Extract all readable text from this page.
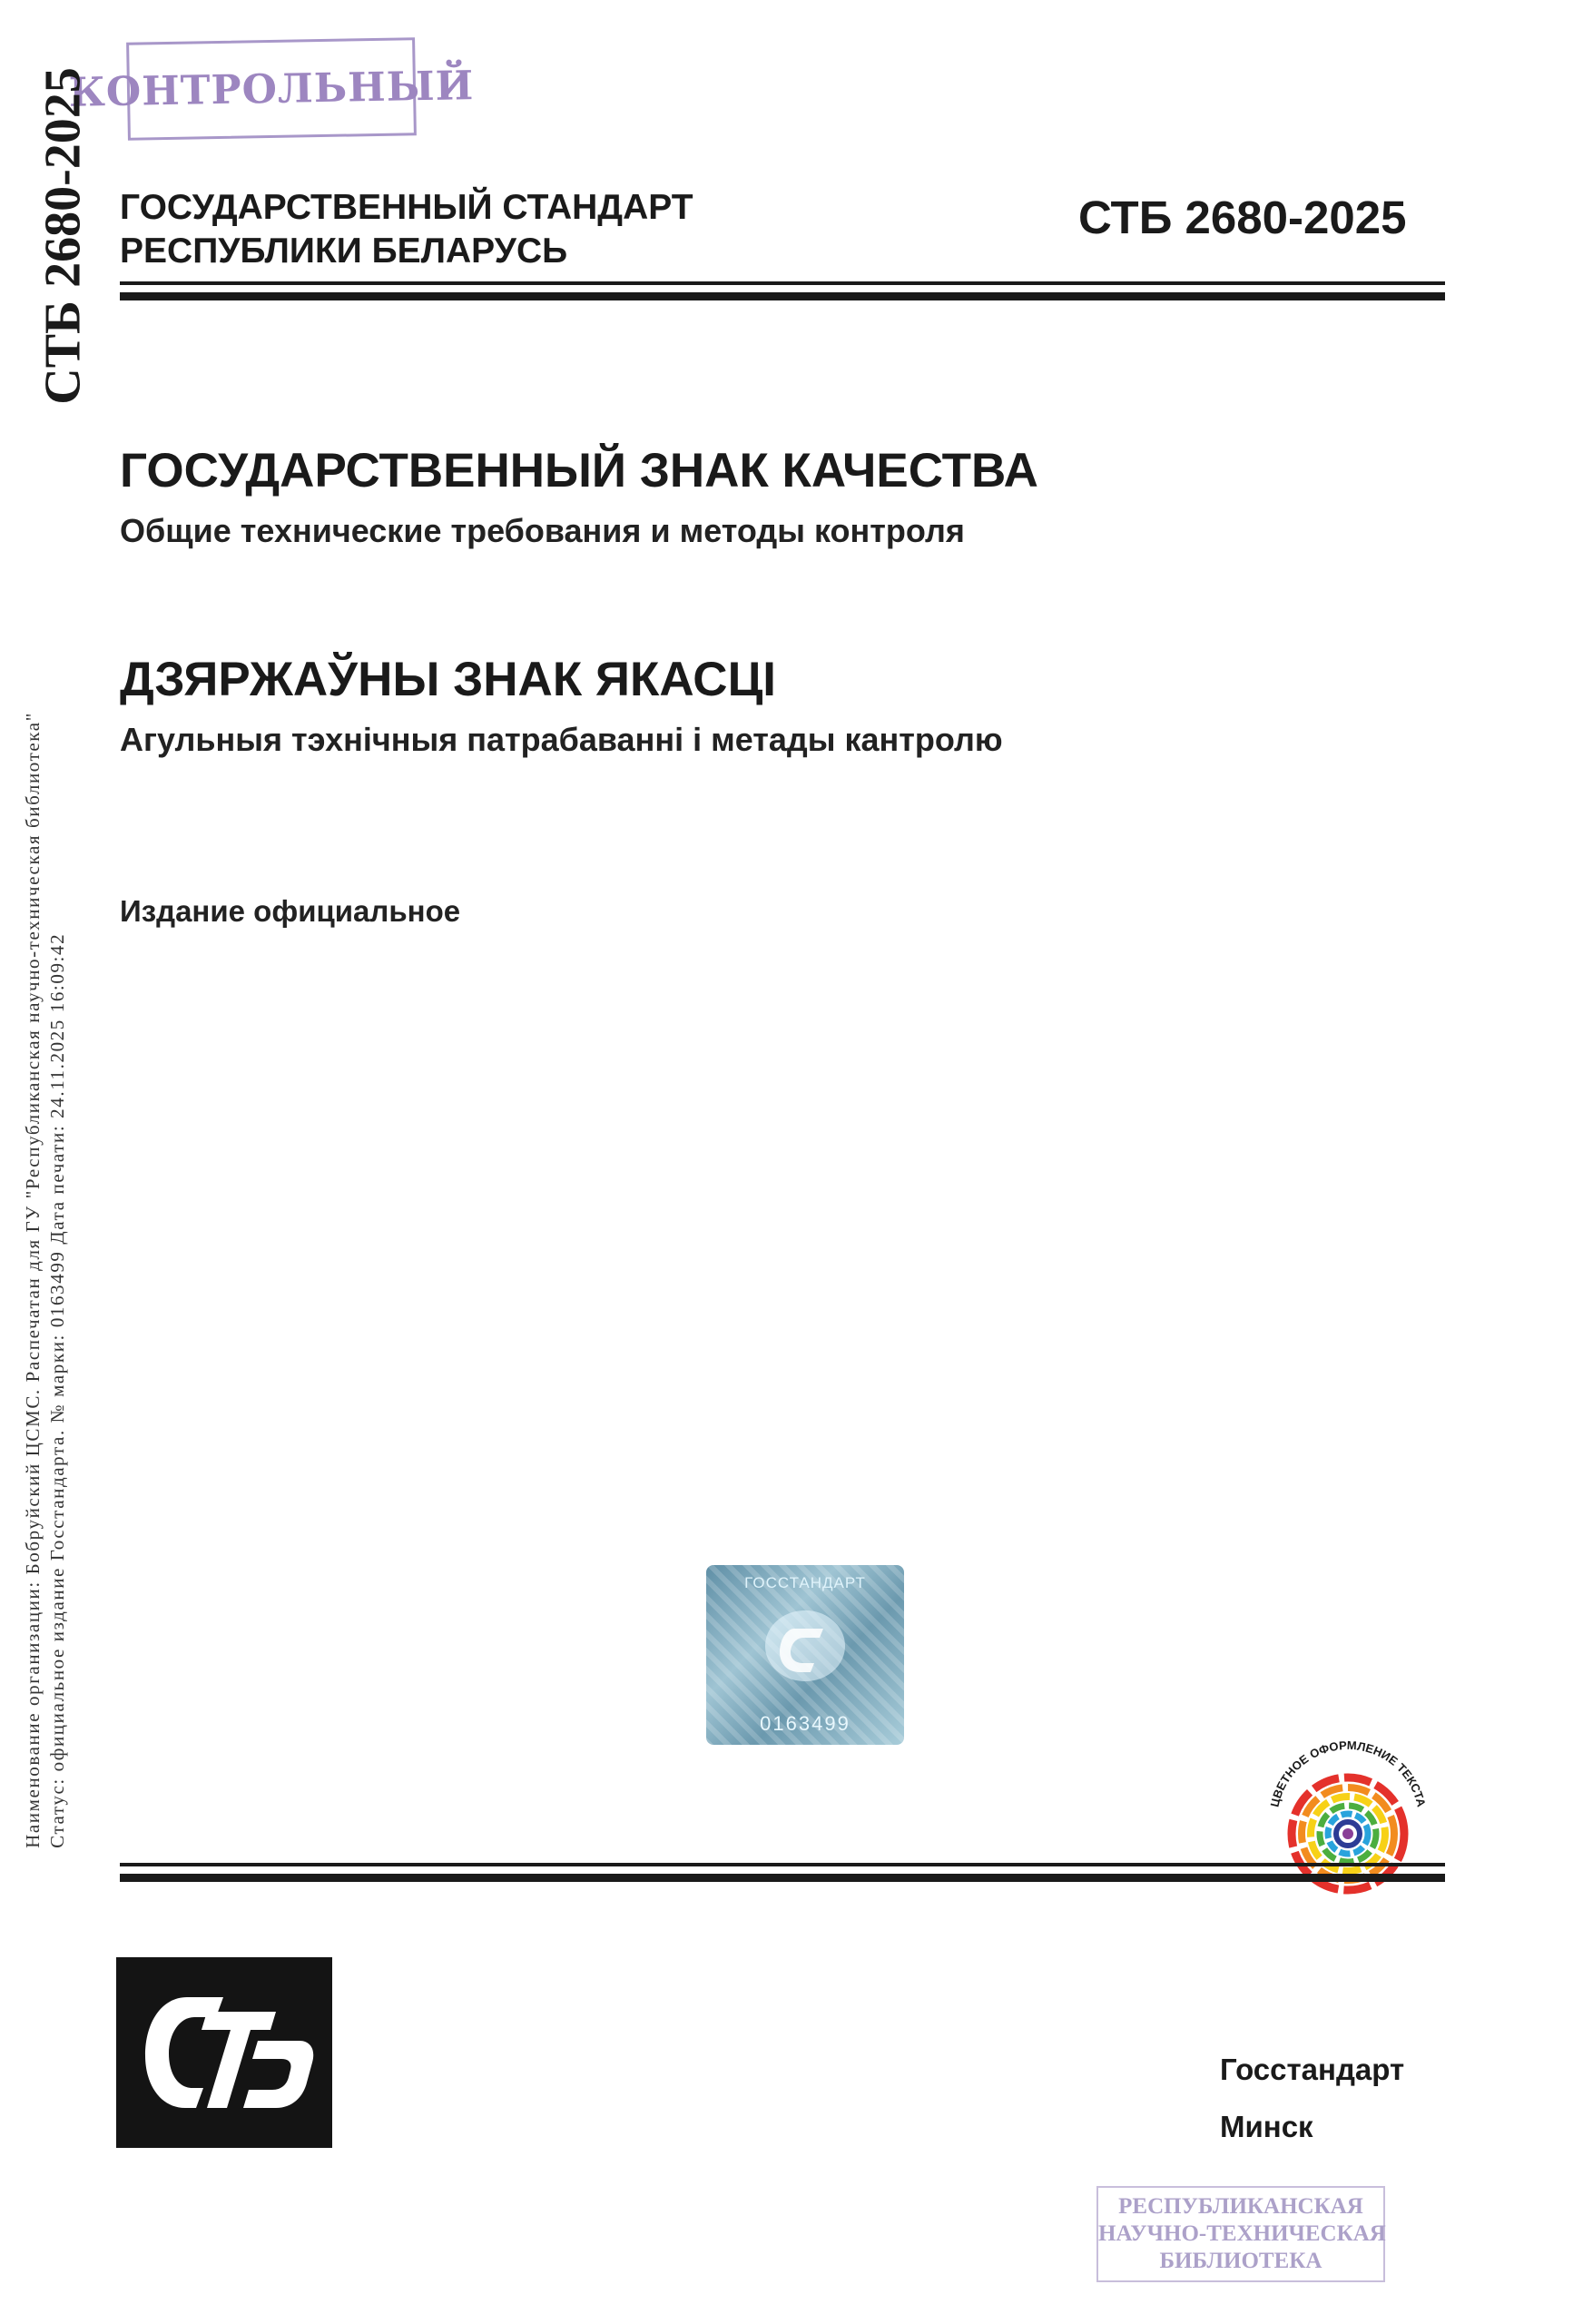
КОНТРОЛЬНЫЙ
СТБ 2680-2025
Наименование организации: Бобруйский ЦСМС. Распечатан для ГУ "Республиканская научно-техническая библиотека" Статус: официальное издание Госстандарта. № марки: 0163499 Дата печати: 24.11.2025 16:09:42
ГОСУДАРСТВЕННЫЙ СТАНДАРТ
РЕСПУБЛИКИ БЕЛАРУСЬ
СТБ 2680-2025
ГОСУДАРСТВЕННЫЙ ЗНАК КАЧЕСТВА
Общие технические требования и методы контроля
ДЗЯРЖАЎНЫ ЗНАК ЯКАСЦІ
Агульныя тэхнічныя патрабаванні і метады кантролю
Издание официальное
ГОССТАНДАРТ
0163499
ЦВЕТНОЕ ОФОРМЛЕНИЕ ТЕКСТА
Госстандарт
Минск
РЕСПУБЛИКАНСКАЯ
НАУЧНО-ТЕХНИЧЕСКАЯ
БИБЛИОТЕКА
